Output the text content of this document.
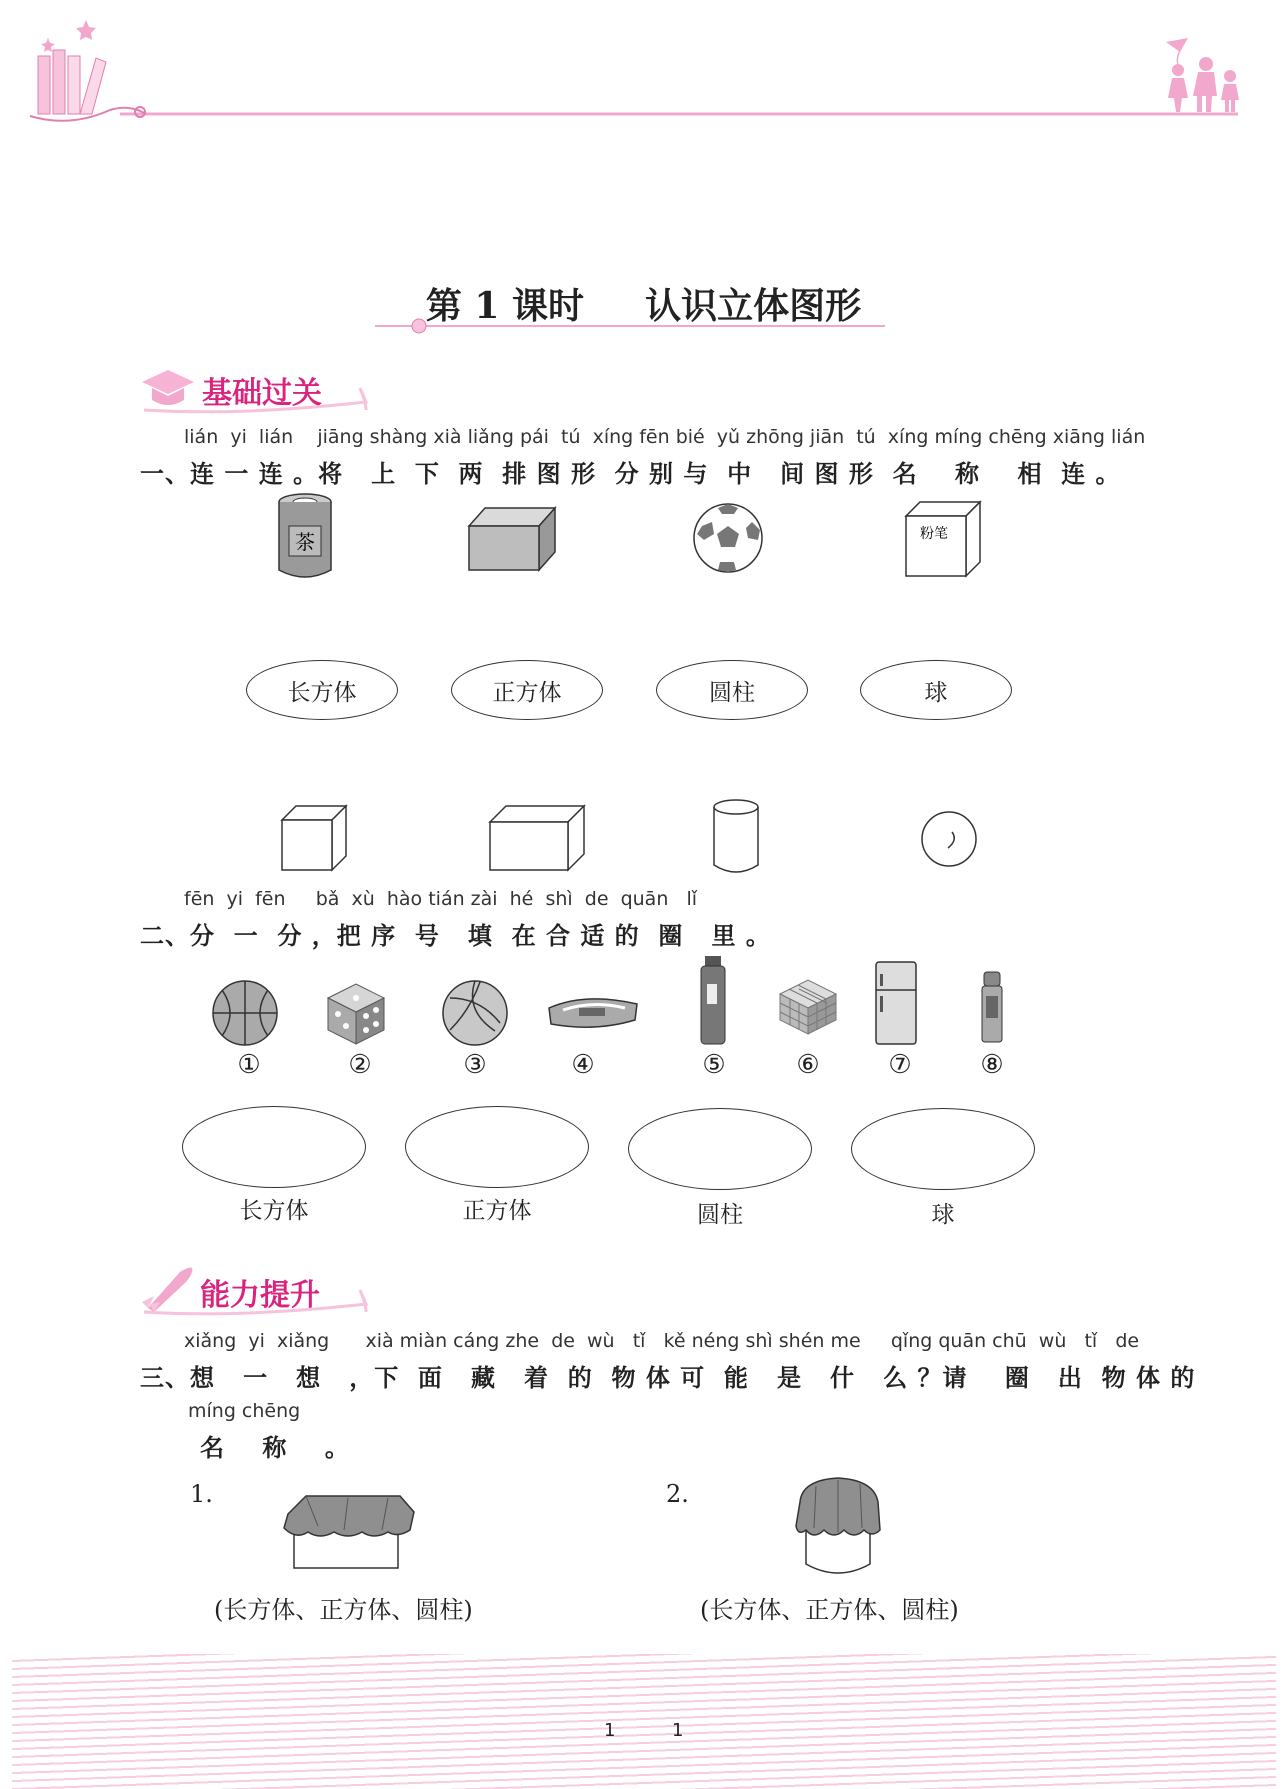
第 1 课时 认识立体图形
基础过关
lián  yi  lián    jiāng shàng xià liǎng pái  tú  xíng fēn bié  yǔ zhōng jiān  tú  xíng míng chēng xiāng lián
一、连 一 连 。将   上  下  两  排 图 形  分 别 与  中   间 图 形  名    称    相  连 。
茶	粉笔
长方体	正方体	圆柱	球
fēn  yi  fēn     bǎ  xù  hào tián zài  hé  shì  de  quān   lǐ
二、分  一  分 ，把 序  号   填  在 合 适 的  圈   里 。
①	②	③	④	⑤	⑥	⑦	⑧
长方体	正方体	圆柱	球
能力提升
xiǎng  yi  xiǎng      xià miàn cáng zhe  de  wù   tǐ   kě néng shì shén me     qǐng quān chū  wù   tǐ   de
三、想   一   想   ，下  面   藏   着  的  物 体 可  能   是   什   么 ？请    圈   出  物 体 的
míng chēng
名    称    。
1.
(长方体、正方体、圆柱)
2.
(长方体、正方体、圆柱)
1	1
